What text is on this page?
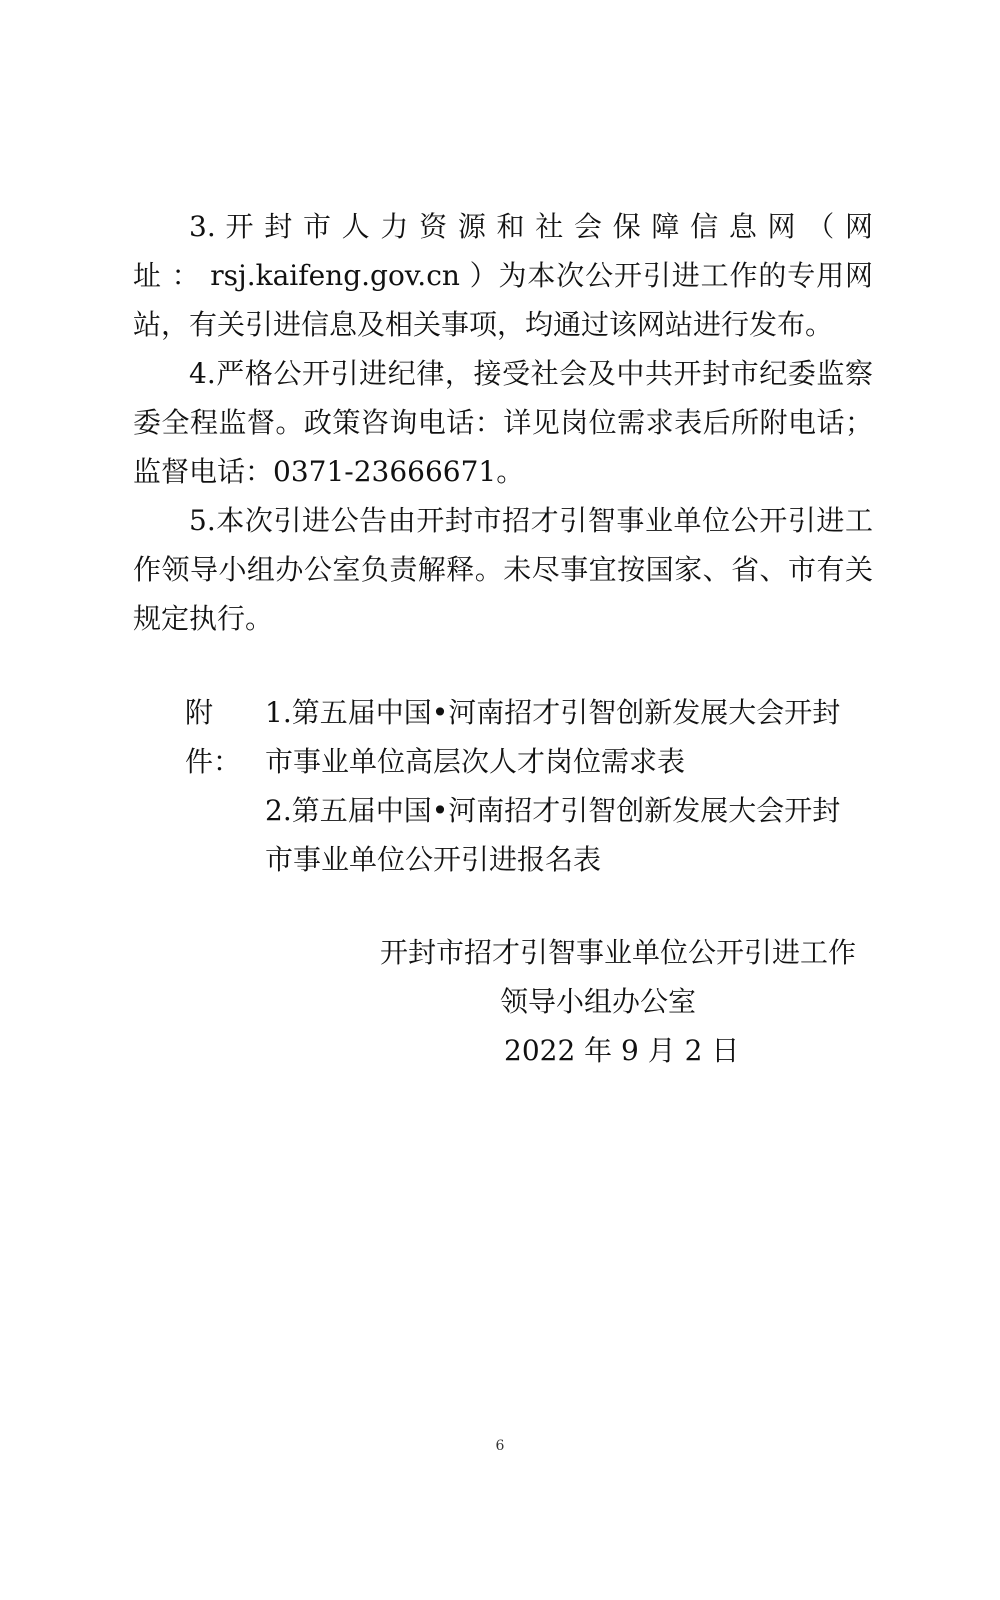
3. 开 封 市 人 力 资 源 和 社 会 保 障 信 息 网 （ 网 址 ： rsj.kaifeng.gov.cn ）为本次公开引进工作的专用网站，有关引进信息及相关事项，均通过该网站进行发布。

4.严格公开引进纪律，接受社会及中共开封市纪委监察委全程监督。政策咨询电话：详见岗位需求表后所附电话；监督电话：0371-23666671。

5.本次引进公告由开封市招才引智事业单位公开引进工作领导小组办公室负责解释。未尽事宜按国家、省、市有关规定执行。

附件：

1.第五届中国•河南招才引智创新发展大会开封市事业单位高层次人才岗位需求表

2.第五届中国•河南招才引智创新发展大会开封市事业单位公开引进报名表

开封市招才引智事业单位公开引进工作

领导小组办公室

2022 年 9 月 2 日

6
